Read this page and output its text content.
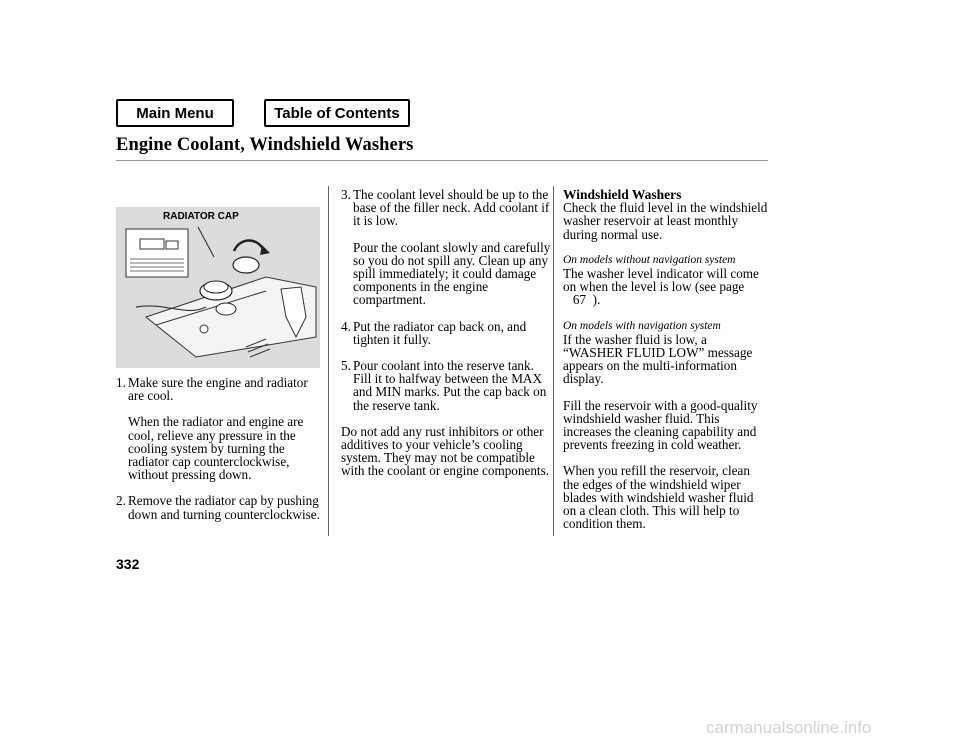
Main Menu	Table of Contents
Engine Coolant, Windshield Washers
RADIATOR CAP
1. Make sure the engine and radiator are cool.

When the radiator and engine are cool, relieve any pressure in the cooling system by turning the radiator cap counterclockwise, without pressing down.

2. Remove the radiator cap by pushing down and turning counterclockwise.

3. The coolant level should be up to the base of the filler neck. Add coolant if it is low.

Pour the coolant slowly and carefully so you do not spill any. Clean up any spill immediately; it could damage components in the engine compartment.

4. Put the radiator cap back on, and tighten it fully.

5. Pour coolant into the reserve tank. Fill it to halfway between the MAX and MIN marks. Put the cap back on the reserve tank.

Do not add any rust inhibitors or other additives to your vehicle’s cooling system. They may not be compatible with the coolant or engine components.

Windshield Washers

Check the fluid level in the windshield washer reservoir at least monthly during normal use.

On models without navigation system

The washer level indicator will come on when the level is low (see page
67 ).

On models with navigation system

If the washer fluid is low, a “WASHER FLUID LOW” message appears on the multi-information display.

Fill the reservoir with a good-quality windshield washer fluid. This increases the cleaning capability and prevents freezing in cold weather.

When you refill the reservoir, clean the edges of the windshield wiper blades with windshield washer fluid on a clean cloth. This will help to condition them.

332
carmanualsonline.info
